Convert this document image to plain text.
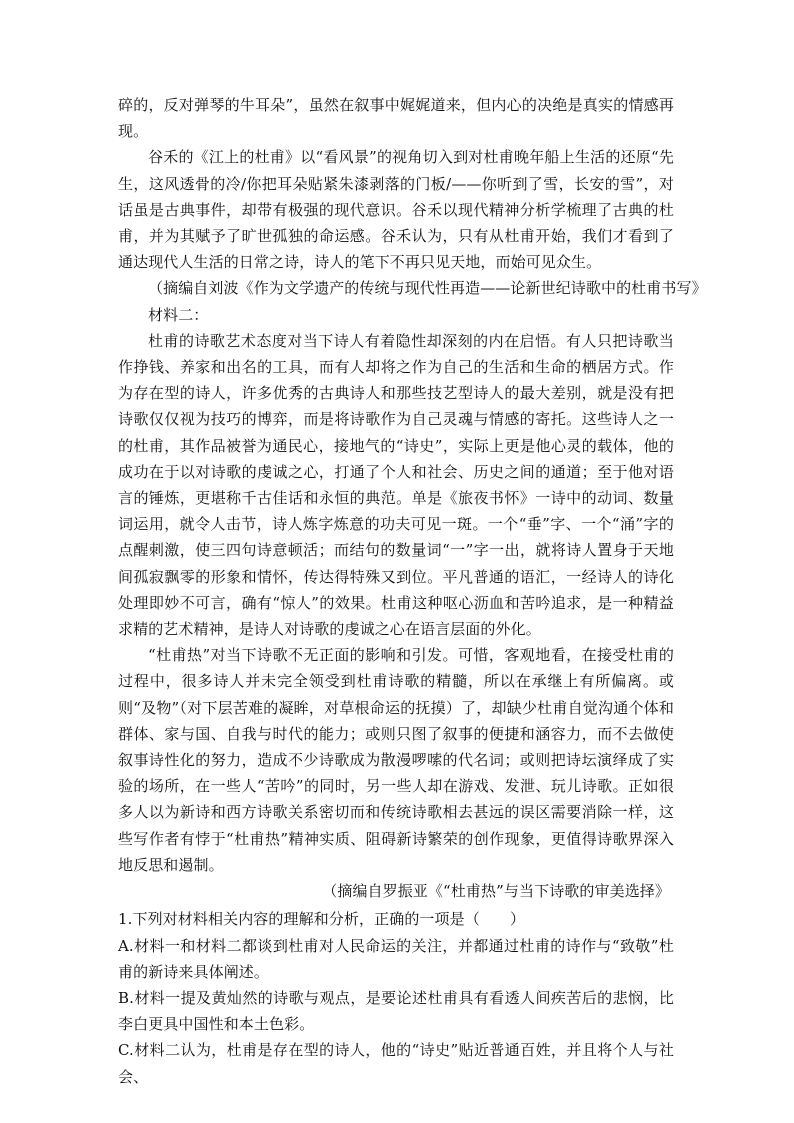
碎的，反对弹琴的牛耳朵”，虽然在叙事中娓娓道来，但内心的决绝是真实的情感再现。

谷禾的《江上的杜甫》以“看风景”的视角切入到对杜甫晚年船上生活的还原“先生，这风透骨的冷/你把耳朵贴紧朱漆剥落的门板/——你听到了雪，长安的雪”，对话虽是古典事件，却带有极强的现代意识。谷禾以现代精神分析学梳理了古典的杜甫，并为其赋予了旷世孤独的命运感。谷禾认为，只有从杜甫开始，我们才看到了通达现代人生活的日常之诗，诗人的笔下不再只见天地，而始可见众生。

（摘编自刘波《作为文学遗产的传统与现代性再造——论新世纪诗歌中的杜甫书写》

材料二：

杜甫的诗歌艺术态度对当下诗人有着隐性却深刻的内在启悟。有人只把诗歌当作挣钱、养家和出名的工具，而有人却将之作为自己的生活和生命的栖居方式。作为存在型的诗人，许多优秀的古典诗人和那些技艺型诗人的最大差别，就是没有把诗歌仅仅视为技巧的博弈，而是将诗歌作为自己灵魂与情感的寄托。这些诗人之一的杜甫，其作品被誉为通民心，接地气的“诗史”，实际上更是他心灵的载体，他的成功在于以对诗歌的虔诚之心，打通了个人和社会、历史之间的通道；至于他对语言的锤炼，更堪称千古佳话和永恒的典范。单是《旅夜书怀》一诗中的动词、数量词运用，就令人击节，诗人炼字炼意的功夫可见一斑。一个“垂”字、一个“涌”字的点醒刺激，使三四句诗意顿活；而结句的数量词“一”字一出，就将诗人置身于天地间孤寂飘零的形象和情怀，传达得特殊又到位。平凡普通的语汇，一经诗人的诗化处理即妙不可言，确有“惊人”的效果。杜甫这种呕心沥血和苦吟追求，是一种精益求精的艺术精神，是诗人对诗歌的虔诚之心在语言层面的外化。

“杜甫热”对当下诗歌不无正面的影响和引发。可惜，客观地看，在接受杜甫的过程中，很多诗人并未完全领受到杜甫诗歌的精髓，所以在承继上有所偏离。或则“及物”（对下层苦难的凝眸，对草根命运的抚摸）了，却缺少杜甫自觉沟通个体和群体、家与国、自我与时代的能力；或则只图了叙事的便捷和涵容力，而不去做使叙事诗性化的努力，造成不少诗歌成为散漫啰嗦的代名词；或则把诗坛演绎成了实验的场所，在一些人“苦吟”的同时，另一些人却在游戏、发泄、玩儿诗歌。正如很多人以为新诗和西方诗歌关系密切而和传统诗歌相去甚远的误区需要消除一样，这些写作者有悖于“杜甫热”精神实质、阻碍新诗繁荣的创作现象，更值得诗歌界深入地反思和遏制。

（摘编自罗振亚《“杜甫热”与当下诗歌的审美选择》

1.下列对材料相关内容的理解和分析，正确的一项是（　　）

A.材料一和材料二都谈到杜甫对人民命运的关注，并都通过杜甫的诗作与“致敬”杜甫的新诗来具体阐述。

B.材料一提及黄灿然的诗歌与观点，是要论述杜甫具有看透人间疾苦后的悲悯，比李白更具中国性和本土色彩。

C.材料二认为，杜甫是存在型的诗人，他的“诗史”贴近普通百姓，并且将个人与社会、
